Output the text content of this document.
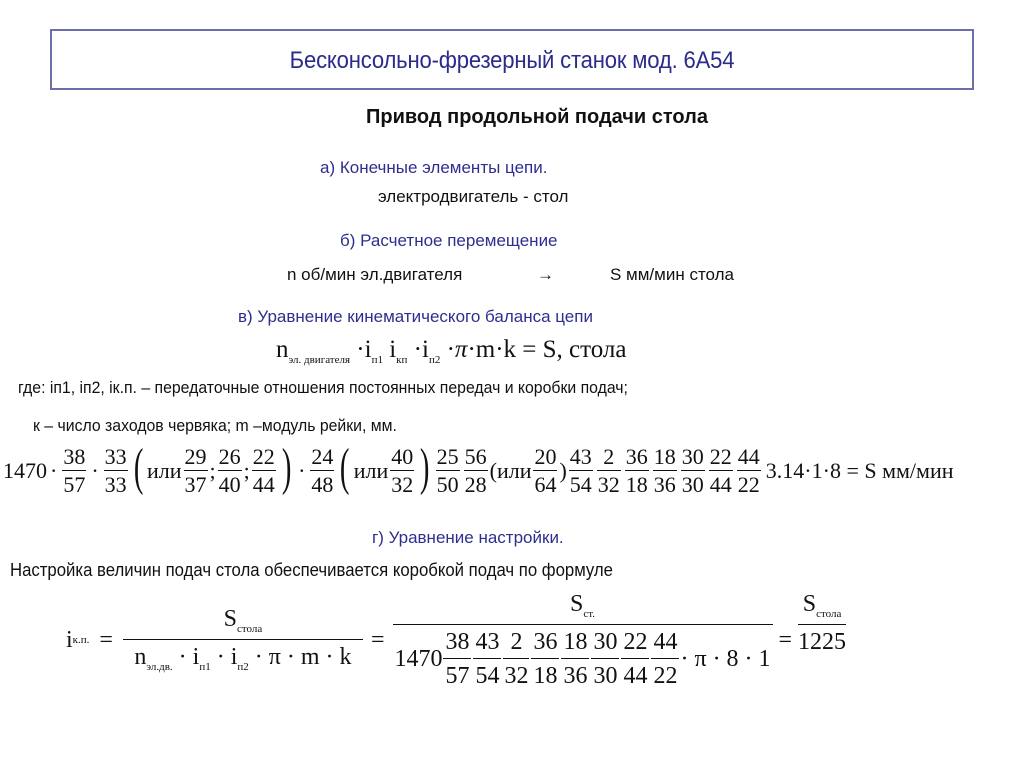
Бесконсольно-фрезерный станок мод. 6А54
Привод продольной подачи стола
а) Конечные элементы цепи.
электродвигатель - стол
б) Расчетное перемещение
n об/мин эл.двигателя	→	S мм/мин стола
в) Уравнение кинематического баланса цепи
$n_{эл. двигателя} \cdot i_{п1}$ $i_{кп} \cdot i_{п2} \cdot\pi\cdot m\cdot k = S$, стола
где: iп1, iп2, iк.п. – передаточные отношения постоянных передач и коробки подач;
к – число заходов червяка; m –модуль рейки, мм.
$1470 \cdot \frac{38}{57} \cdot \frac{33}{33}$ ( или $\frac{29}{37}$ ; $\frac{26}{40}$ ; $\frac{22}{44}$ ) · $\frac{24}{48}$ ( или $\frac{40}{32}$ ) $\frac{25}{50} \frac{56}{28}$ ( или $\frac{20}{64}$ ) $\frac{43}{54} \frac{2}{32} \frac{36}{18} \frac{18}{36} \frac{30}{30} \frac{22}{44} \frac{44}{22} 3.14\cdot 1\cdot 8 = S$ мм/мин
г) Уравнение настройки.
Настройка величин подач стола обеспечивается коробкой подач по формуле
i к.п. = $\frac{S_{стола}}{n_{эл.дв.} \cdot i_{п1} \cdot i_{п2} \cdot \pi \cdot m \cdot k}$ =
$S_{ст.}$
$1470 \frac{38}{57} \frac{43}{54} \frac{2}{32} \frac{36}{18} \frac{18}{36} \frac{30}{30} \frac{22}{44} \frac{44}{22} \cdot \pi \cdot 8 \cdot 1$
= $\frac{S_{стола}}{1225}$
